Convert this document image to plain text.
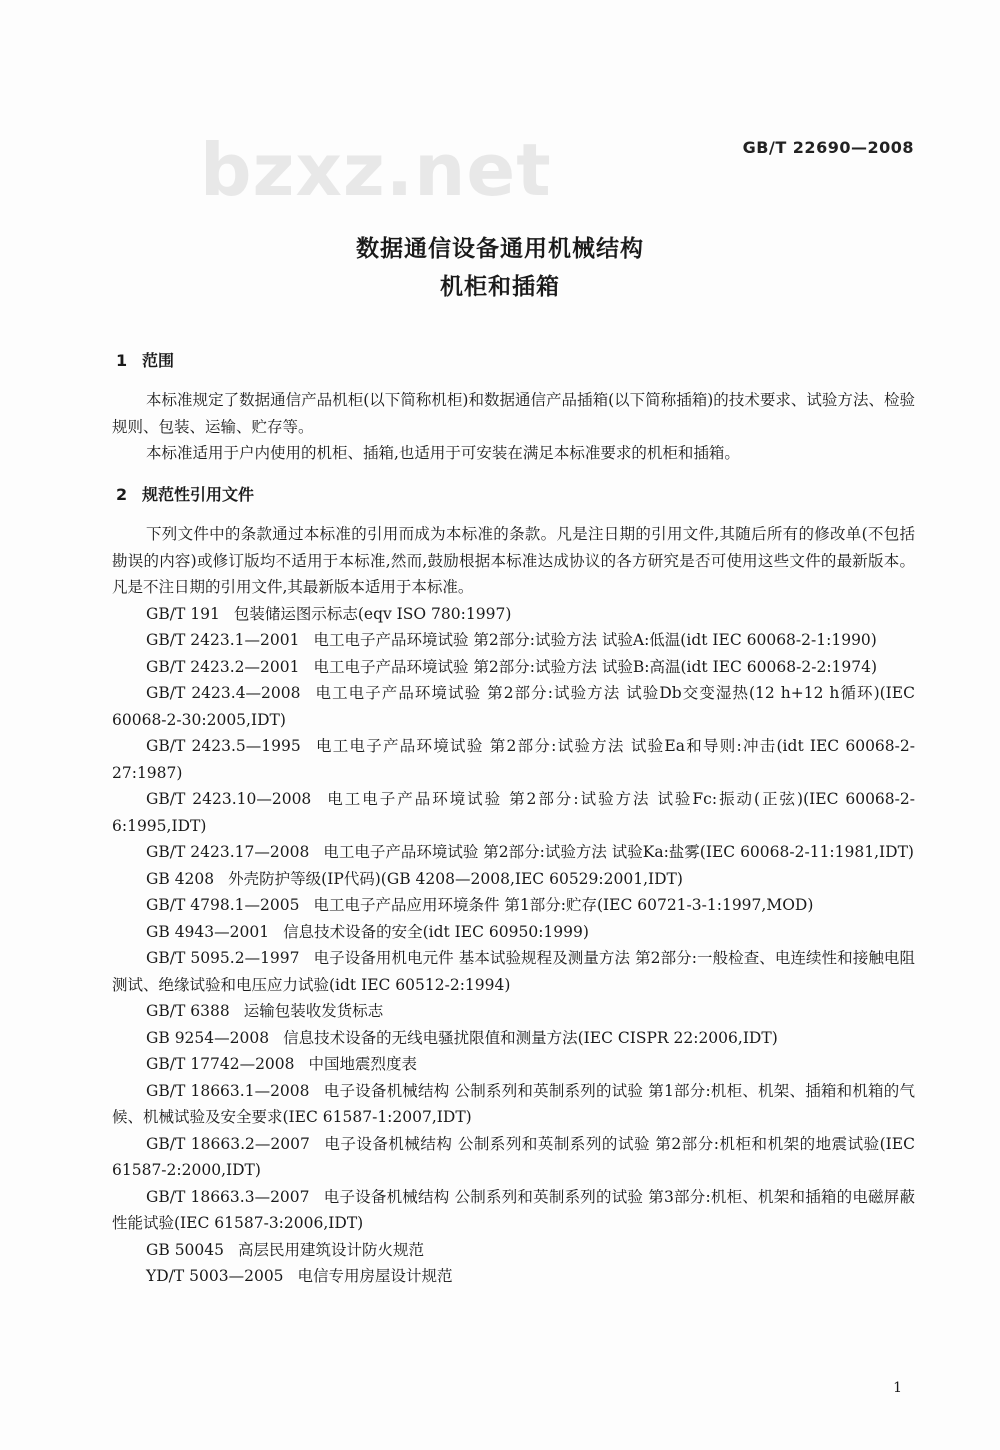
bzxz.net	GB/T 22690—2008
数据通信设备通用机械结构
机柜和插箱
1 范围

本标准规定了数据通信产品机柜(以下简称机柜)和数据通信产品插箱(以下简称插箱)的技术要求、试验方法、检验规则、包装、运输、贮存等。

本标准适用于户内使用的机柜、插箱,也适用于可安装在满足本标准要求的机柜和插箱。

2 规范性引用文件

下列文件中的条款通过本标准的引用而成为本标准的条款。凡是注日期的引用文件,其随后所有的修改单(不包括勘误的内容)或修订版均不适用于本标准,然而,鼓励根据本标准达成协议的各方研究是否可使用这些文件的最新版本。凡是不注日期的引用文件,其最新版本适用于本标准。

GB/T 191 包装储运图示标志(eqv ISO 780:1997)

GB/T 2423.1—2001 电工电子产品环境试验 第2部分:试验方法 试验A:低温(idt IEC 60068-2-1:1990)

GB/T 2423.2—2001 电工电子产品环境试验 第2部分:试验方法 试验B:高温(idt IEC 60068-2-2:1974)

GB/T 2423.4—2008 电工电子产品环境试验 第2部分:试验方法 试验Db交变湿热(12 h+12 h循环)(IEC 60068-2-30:2005,IDT)

GB/T 2423.5—1995 电工电子产品环境试验 第2部分:试验方法 试验Ea和导则:冲击(idt IEC 60068-2-27:1987)

GB/T 2423.10—2008 电工电子产品环境试验 第2部分:试验方法 试验Fc:振动(正弦)(IEC 60068-2-6:1995,IDT)

GB/T 2423.17—2008 电工电子产品环境试验 第2部分:试验方法 试验Ka:盐雾(IEC 60068-2-11:1981,IDT)

GB 4208 外壳防护等级(IP代码)(GB 4208—2008,IEC 60529:2001,IDT)

GB/T 4798.1—2005 电工电子产品应用环境条件 第1部分:贮存(IEC 60721-3-1:1997,MOD)

GB 4943—2001 信息技术设备的安全(idt IEC 60950:1999)

GB/T 5095.2—1997 电子设备用机电元件 基本试验规程及测量方法 第2部分:一般检查、电连续性和接触电阻测试、绝缘试验和电压应力试验(idt IEC 60512-2:1994)

GB/T 6388 运输包装收发货标志

GB 9254—2008 信息技术设备的无线电骚扰限值和测量方法(IEC CISPR 22:2006,IDT)

GB/T 17742—2008 中国地震烈度表

GB/T 18663.1—2008 电子设备机械结构 公制系列和英制系列的试验 第1部分:机柜、机架、插箱和机箱的气候、机械试验及安全要求(IEC 61587-1:2007,IDT)

GB/T 18663.2—2007 电子设备机械结构 公制系列和英制系列的试验 第2部分:机柜和机架的地震试验(IEC 61587-2:2000,IDT)

GB/T 18663.3—2007 电子设备机械结构 公制系列和英制系列的试验 第3部分:机柜、机架和插箱的电磁屏蔽性能试验(IEC 61587-3:2006,IDT)

GB 50045 高层民用建筑设计防火规范

YD/T 5003—2005 电信专用房屋设计规范

1
